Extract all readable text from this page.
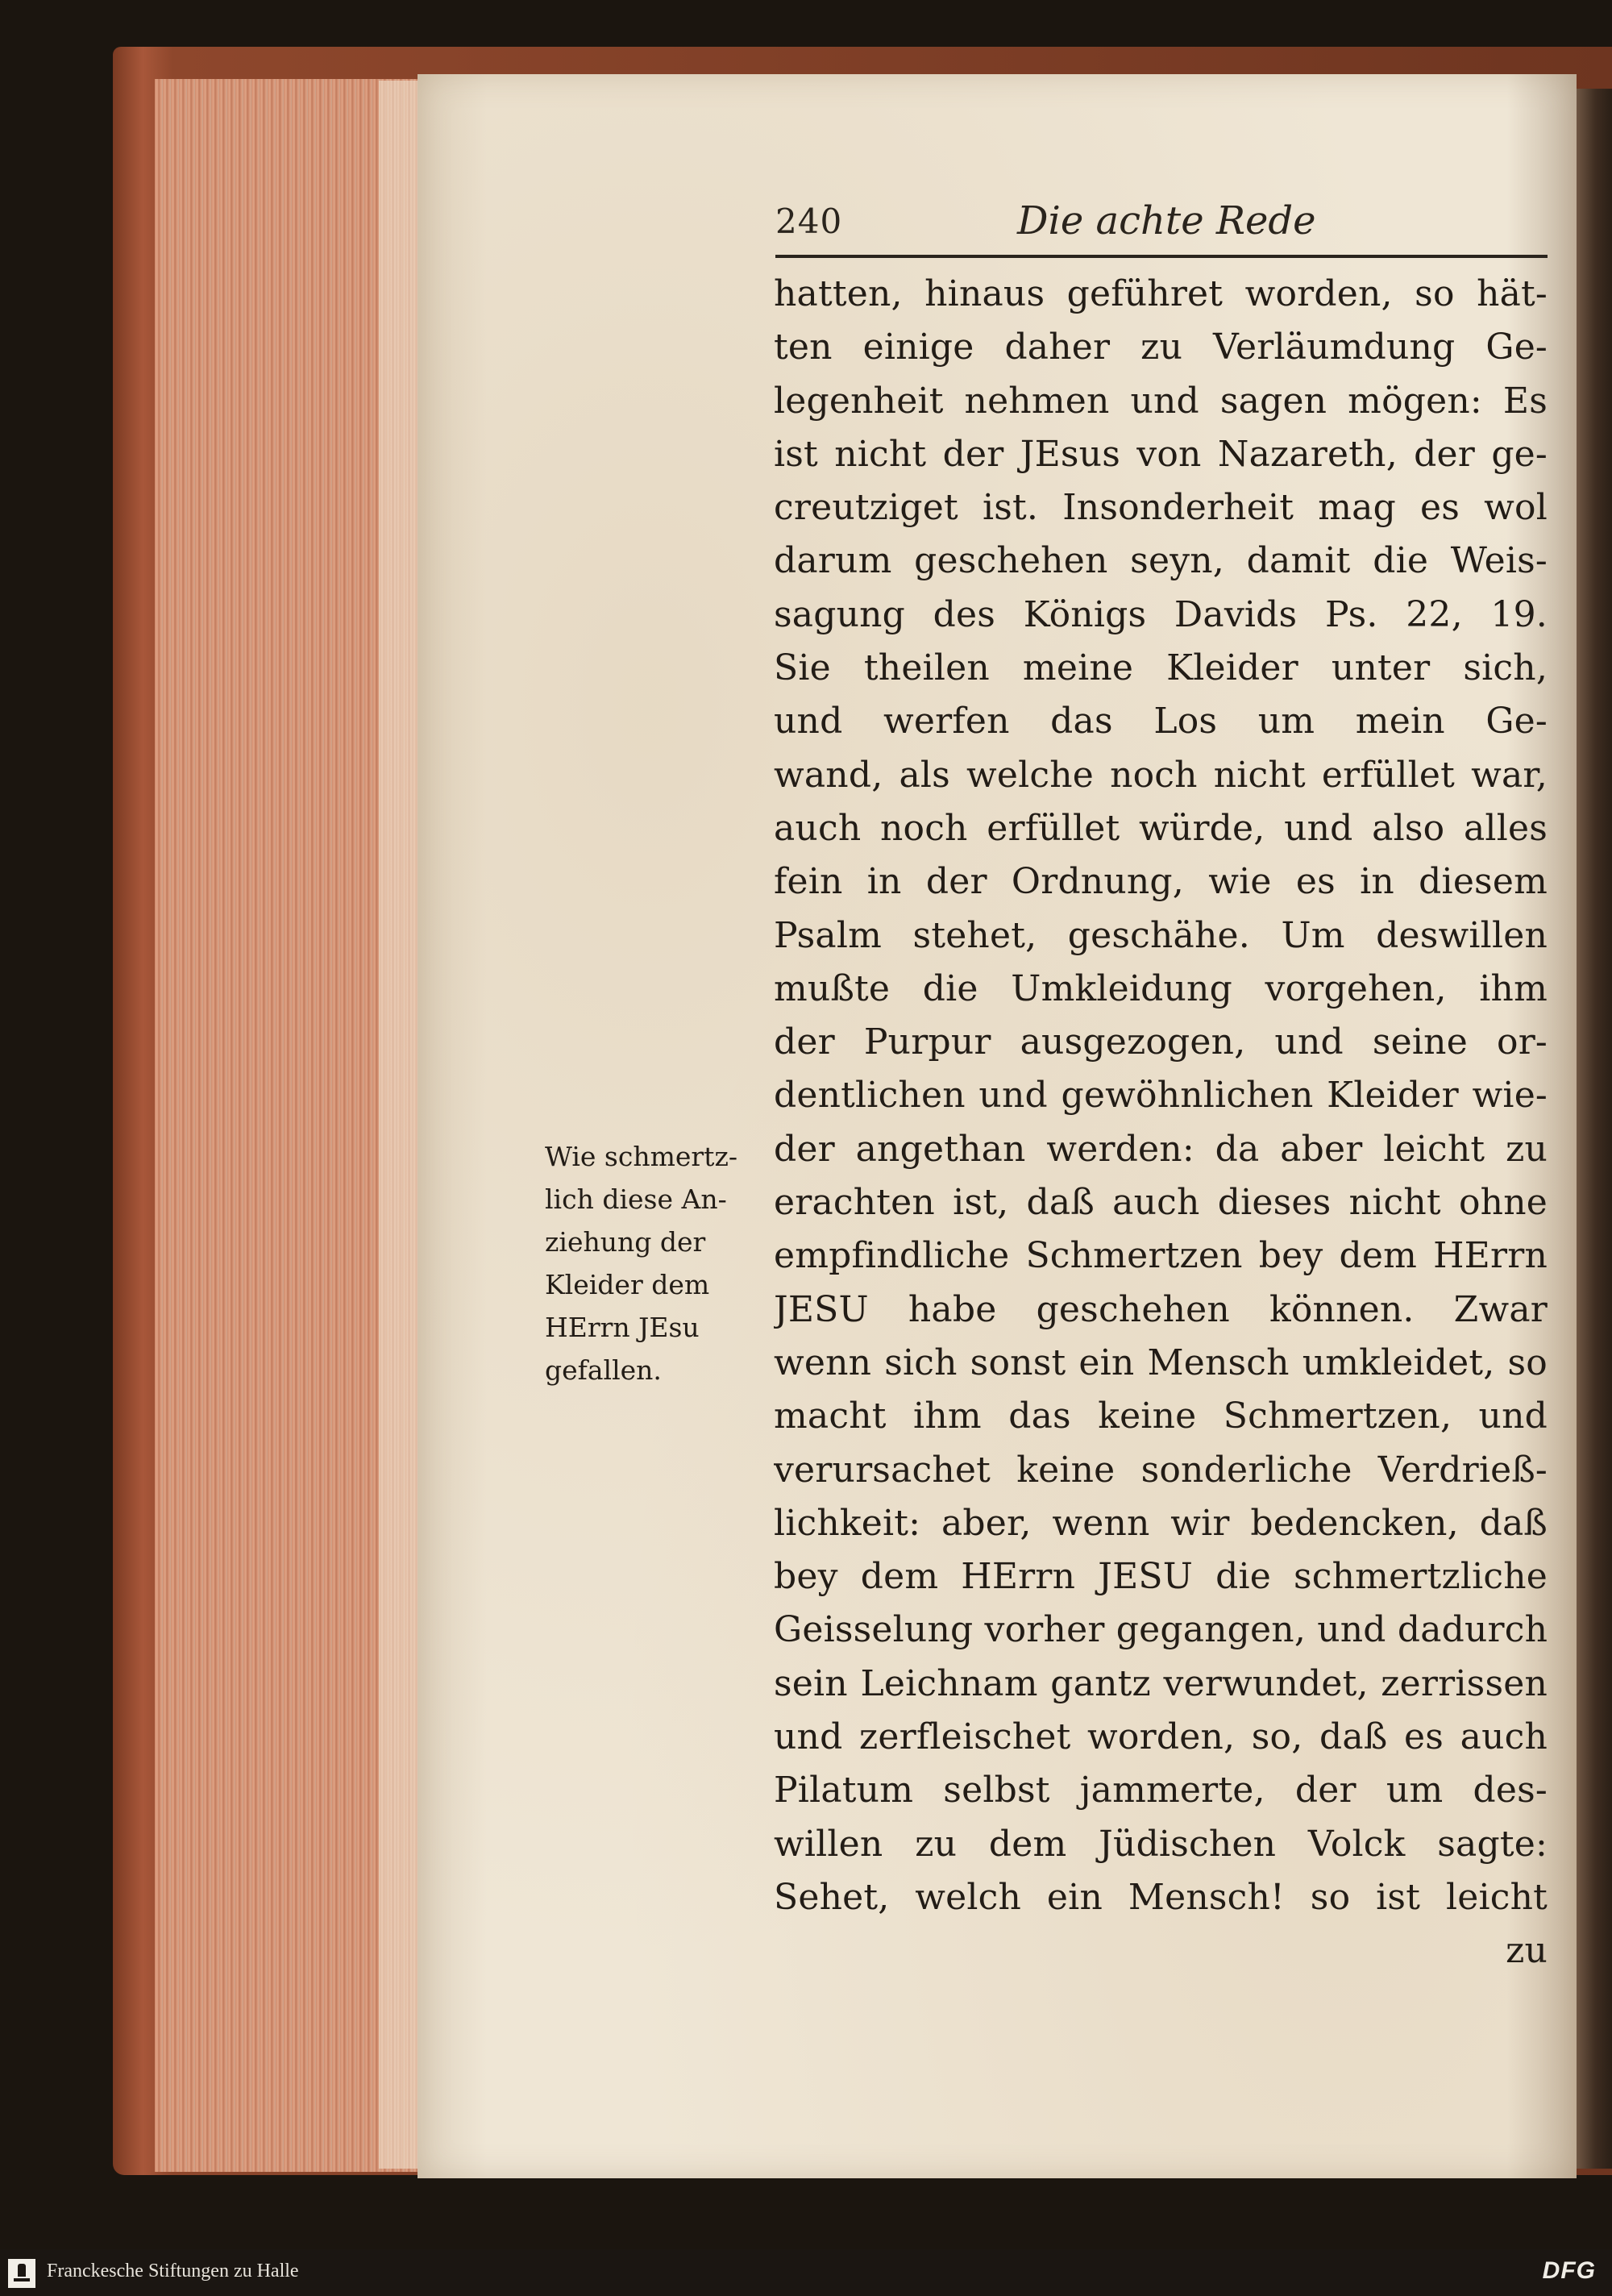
240	Die achte Rede
Wie schmertz-
lich diese An-
ziehung der
Kleider dem
HErrn JEsu
gefallen.
hatten, hinaus geführet worden, so hät-
ten einige daher zu Verläumdung Ge-
legenheit nehmen und sagen mögen: Es
ist nicht der JEsus von Nazareth, der ge-
creutziget ist. Insonderheit mag es wol
darum geschehen seyn, damit die Weis-
sagung des Königs Davids Ps. 22, 19.
Sie theilen meine Kleider unter sich,
und werfen das Los um mein Ge-
wand, als welche noch nicht erfüllet war,
auch noch erfüllet würde, und also alles
fein in der Ordnung, wie es in diesem
Psalm stehet, geschähe. Um deswillen
mußte die Umkleidung vorgehen, ihm
der Purpur ausgezogen, und seine or-
dentlichen und gewöhnlichen Kleider wie-
der angethan werden: da aber leicht zu
erachten ist, daß auch dieses nicht ohne
empfindliche Schmertzen bey dem HErrn
JESU habe geschehen können. Zwar
wenn sich sonst ein Mensch umkleidet, so
macht ihm das keine Schmertzen, und
verursachet keine sonderliche Verdrieß-
lichkeit: aber, wenn wir bedencken, daß
bey dem HErrn JESU die schmertzliche
Geisselung vorher gegangen, und dadurch
sein Leichnam gantz verwundet, zerrissen
und zerfleischet worden, so, daß es auch
Pilatum selbst jammerte, der um des-
willen zu dem Jüdischen Volck sagte:
Sehet, welch ein Mensch! so ist leicht
zu
Franckesche Stiftungen zu Halle	DFG
